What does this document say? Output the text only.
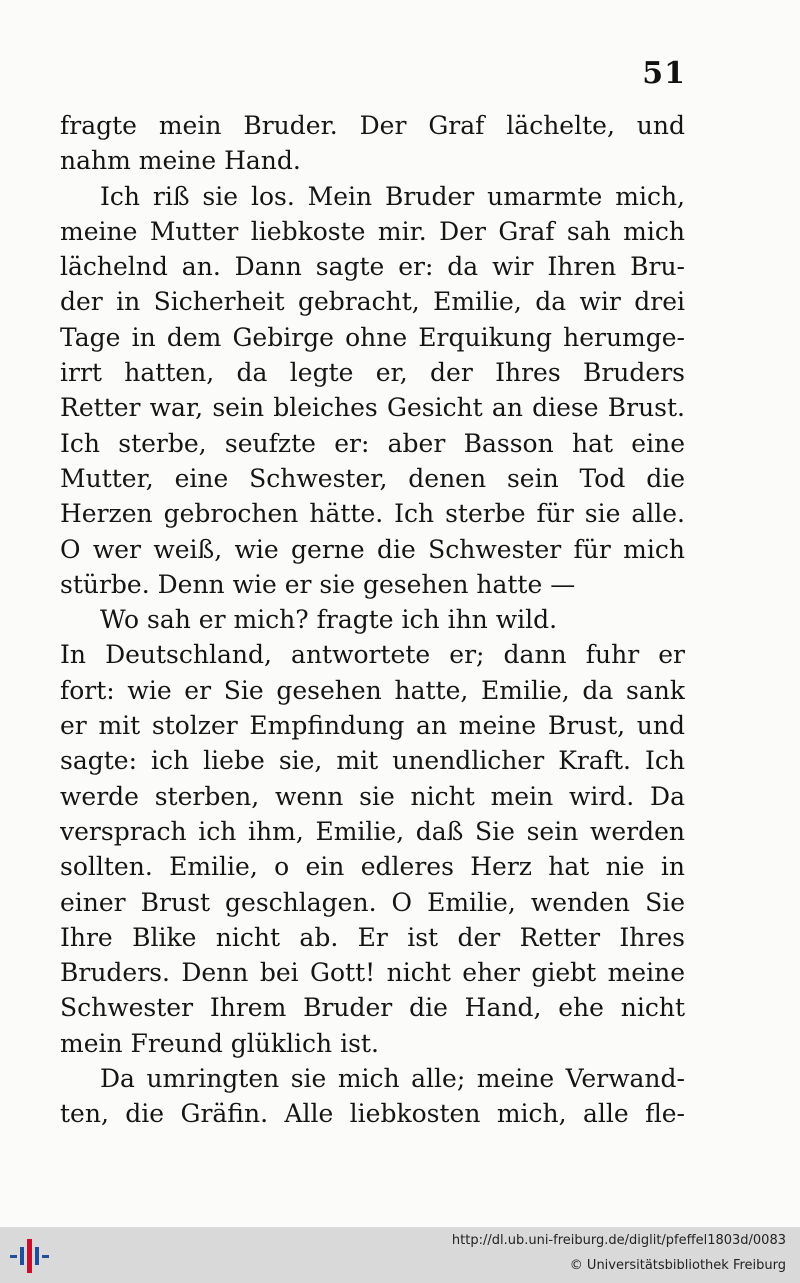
51
fragte mein Bruder. Der Graf lächelte, und
nahm meine Hand.
Ich riß sie los. Mein Bruder umarmte mich,
meine Mutter liebkoste mir. Der Graf sah mich
lächelnd an. Dann sagte er: da wir Ihren Bru-
der in Sicherheit gebracht, Emilie, da wir drei
Tage in dem Gebirge ohne Erquikung herumge-
irrt hatten, da legte er, der Ihres Bruders
Retter war, sein bleiches Gesicht an diese Brust.
Ich sterbe, seufzte er: aber Basson hat eine
Mutter, eine Schwester, denen sein Tod die
Herzen gebrochen hätte. Ich sterbe für sie alle.
O wer weiß, wie gerne die Schwester für mich
stürbe. Denn wie er sie gesehen hatte —
Wo sah er mich? fragte ich ihn wild.
In Deutschland, antwortete er; dann fuhr er
fort: wie er Sie gesehen hatte, Emilie, da sank
er mit stolzer Empfindung an meine Brust, und
sagte: ich liebe sie, mit unendlicher Kraft. Ich
werde sterben, wenn sie nicht mein wird. Da
versprach ich ihm, Emilie, daß Sie sein werden
sollten. Emilie, o ein edleres Herz hat nie in
einer Brust geschlagen. O Emilie, wenden Sie
Ihre Blike nicht ab. Er ist der Retter Ihres
Bruders. Denn bei Gott! nicht eher giebt meine
Schwester Ihrem Bruder die Hand, ehe nicht
mein Freund glüklich ist.
Da umringten sie mich alle; meine Verwand-
ten, die Gräfin. Alle liebkosten mich, alle fle-
http://dl.ub.uni-freiburg.de/diglit/pfeffel1803d/0083
© Universitätsbibliothek Freiburg
